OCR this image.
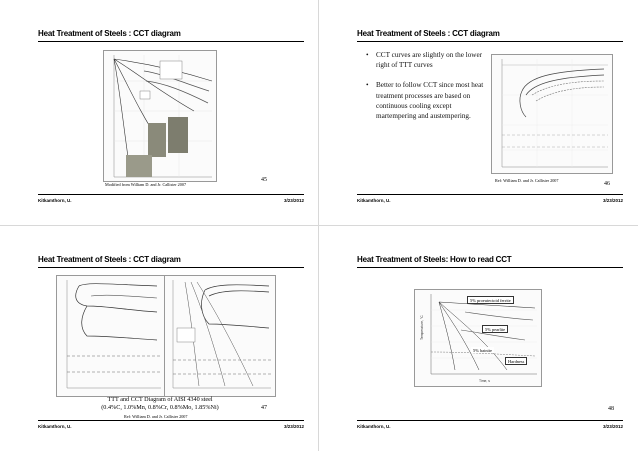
Heat Treatment of Steels : CCT diagram
Modified from William D. and Jr. Callister 2007
45
Kitkamthorn, U.	3/23/2012
Heat Treatment of Steels : CCT diagram
• CCT curves are slightly on the lower right of TTT curves
• Better to follow CCT since most heat treatment processes are based on continuous cooling except martempering and austempering.
Ref: William D. and Jr. Callister 2007
46
Kitkamthorn, U.	3/23/2012
Heat Treatment of Steels : CCT diagram
TTT and CCT Diagram of AISI 4340 steel
(0.4%C, 1.0%Mn, 0.8%Cr, 0.8%Mo, 1.85%Ni)
Ref: William D. and Jr. Callister 2007
47
Kitkamthorn, U.	3/23/2012
Heat Treatment of Steels: How to read CCT
Temperature, °C
Time, s
5% proeutectoid ferrite
5% pearlite
5% bainite
Hardness
48
Kitkamthorn, U.	3/23/2012
